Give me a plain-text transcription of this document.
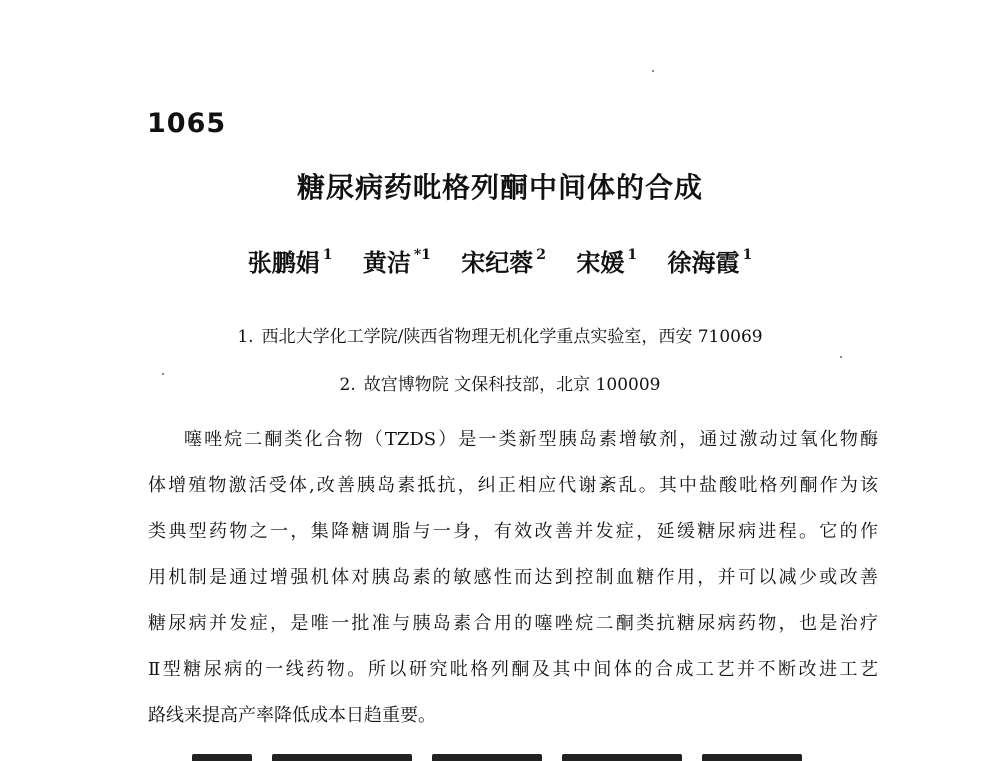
1065
糖尿病药吡格列酮中间体的合成
张鹏娟 $^1$ 黄洁 $^{*1}$ 宋纪蓉 $^2$ 宋媛 $^1$ 徐海霞 $^1$
1. 西北大学化工学院/陕西省物理无机化学重点实验室，西安 710069
2. 故宫博物院 文保科技部，北京 100009
噻唑烷二酮类化合物（TZDS）是一类新型胰岛素增敏剂，通过激动过氧化物酶
体增殖物激活受体,改善胰岛素抵抗，纠正相应代谢紊乱。其中盐酸吡格列酮作为该
类典型药物之一，集降糖调脂与一身，有效改善并发症，延缓糖尿病进程。它的作
用机制是通过增强机体对胰岛素的敏感性而达到控制血糖作用，并可以减少或改善
糖尿病并发症，是唯一批准与胰岛素合用的噻唑烷二酮类抗糖尿病药物，也是治疗
Ⅱ型糖尿病的一线药物。所以研究吡格列酮及其中间体的合成工艺并不断改进工艺
路线来提高产率降低成本日趋重要。
